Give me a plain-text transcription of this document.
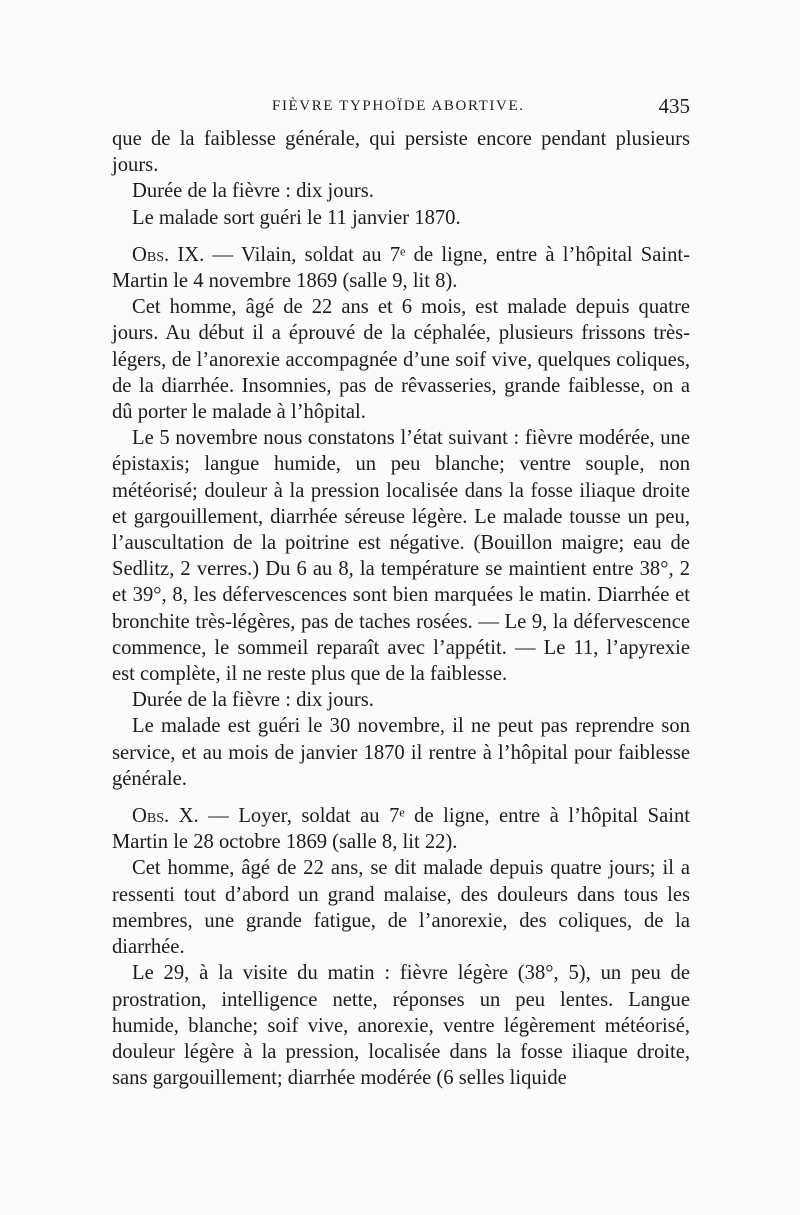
FIÈVRE TYPHOÏDE ABORTIVE.	435

que de la faiblesse générale, qui persiste encore pendant plusieurs jours.

Durée de la fièvre : dix jours.

Le malade sort guéri le 11 janvier 1870.

Obs. IX. — Vilain, soldat au 7ᵉ de ligne, entre à l’hôpital Saint-Martin le 4 novembre 1869 (salle 9, lit 8).

Cet homme, âgé de 22 ans et 6 mois, est malade depuis quatre jours. Au début il a éprouvé de la céphalée, plusieurs frissons très-légers, de l’anorexie accompagnée d’une soif vive, quelques coliques, de la diarrhée. Insomnies, pas de rêvasseries, grande faiblesse, on a dû porter le malade à l’hôpital.

Le 5 novembre nous constatons l’état suivant : fièvre modérée, une épistaxis; langue humide, un peu blanche; ventre souple, non météorisé; douleur à la pression localisée dans la fosse iliaque droite et gargouillement, diarrhée séreuse légère. Le malade tousse un peu, l’auscultation de la poitrine est négative. (Bouillon maigre; eau de Sedlitz, 2 verres.) Du 6 au 8, la température se maintient entre 38°, 2 et 39°, 8, les défervescences sont bien marquées le matin. Diarrhée et bronchite très-légères, pas de taches rosées. — Le 9, la défervescence commence, le sommeil reparaît avec l’appétit. — Le 11, l’apyrexie est complète, il ne reste plus que de la faiblesse.

Durée de la fièvre : dix jours.

Le malade est guéri le 30 novembre, il ne peut pas reprendre son service, et au mois de janvier 1870 il rentre à l’hôpital pour faiblesse générale.

Obs. X. — Loyer, soldat au 7ᵉ de ligne, entre à l’hôpital Saint Martin le 28 octobre 1869 (salle 8, lit 22).

Cet homme, âgé de 22 ans, se dit malade depuis quatre jours; il a ressenti tout d’abord un grand malaise, des douleurs dans tous les membres, une grande fatigue, de l’anorexie, des coliques, de la diarrhée.

Le 29, à la visite du matin : fièvre légère (38°, 5), un peu de prostration, intelligence nette, réponses un peu lentes. Langue humide, blanche; soif vive, anorexie, ventre légèrement météorisé, douleur légère à la pression, localisée dans la fosse iliaque droite, sans gargouillement; diarrhée modérée (6 selles liquide
